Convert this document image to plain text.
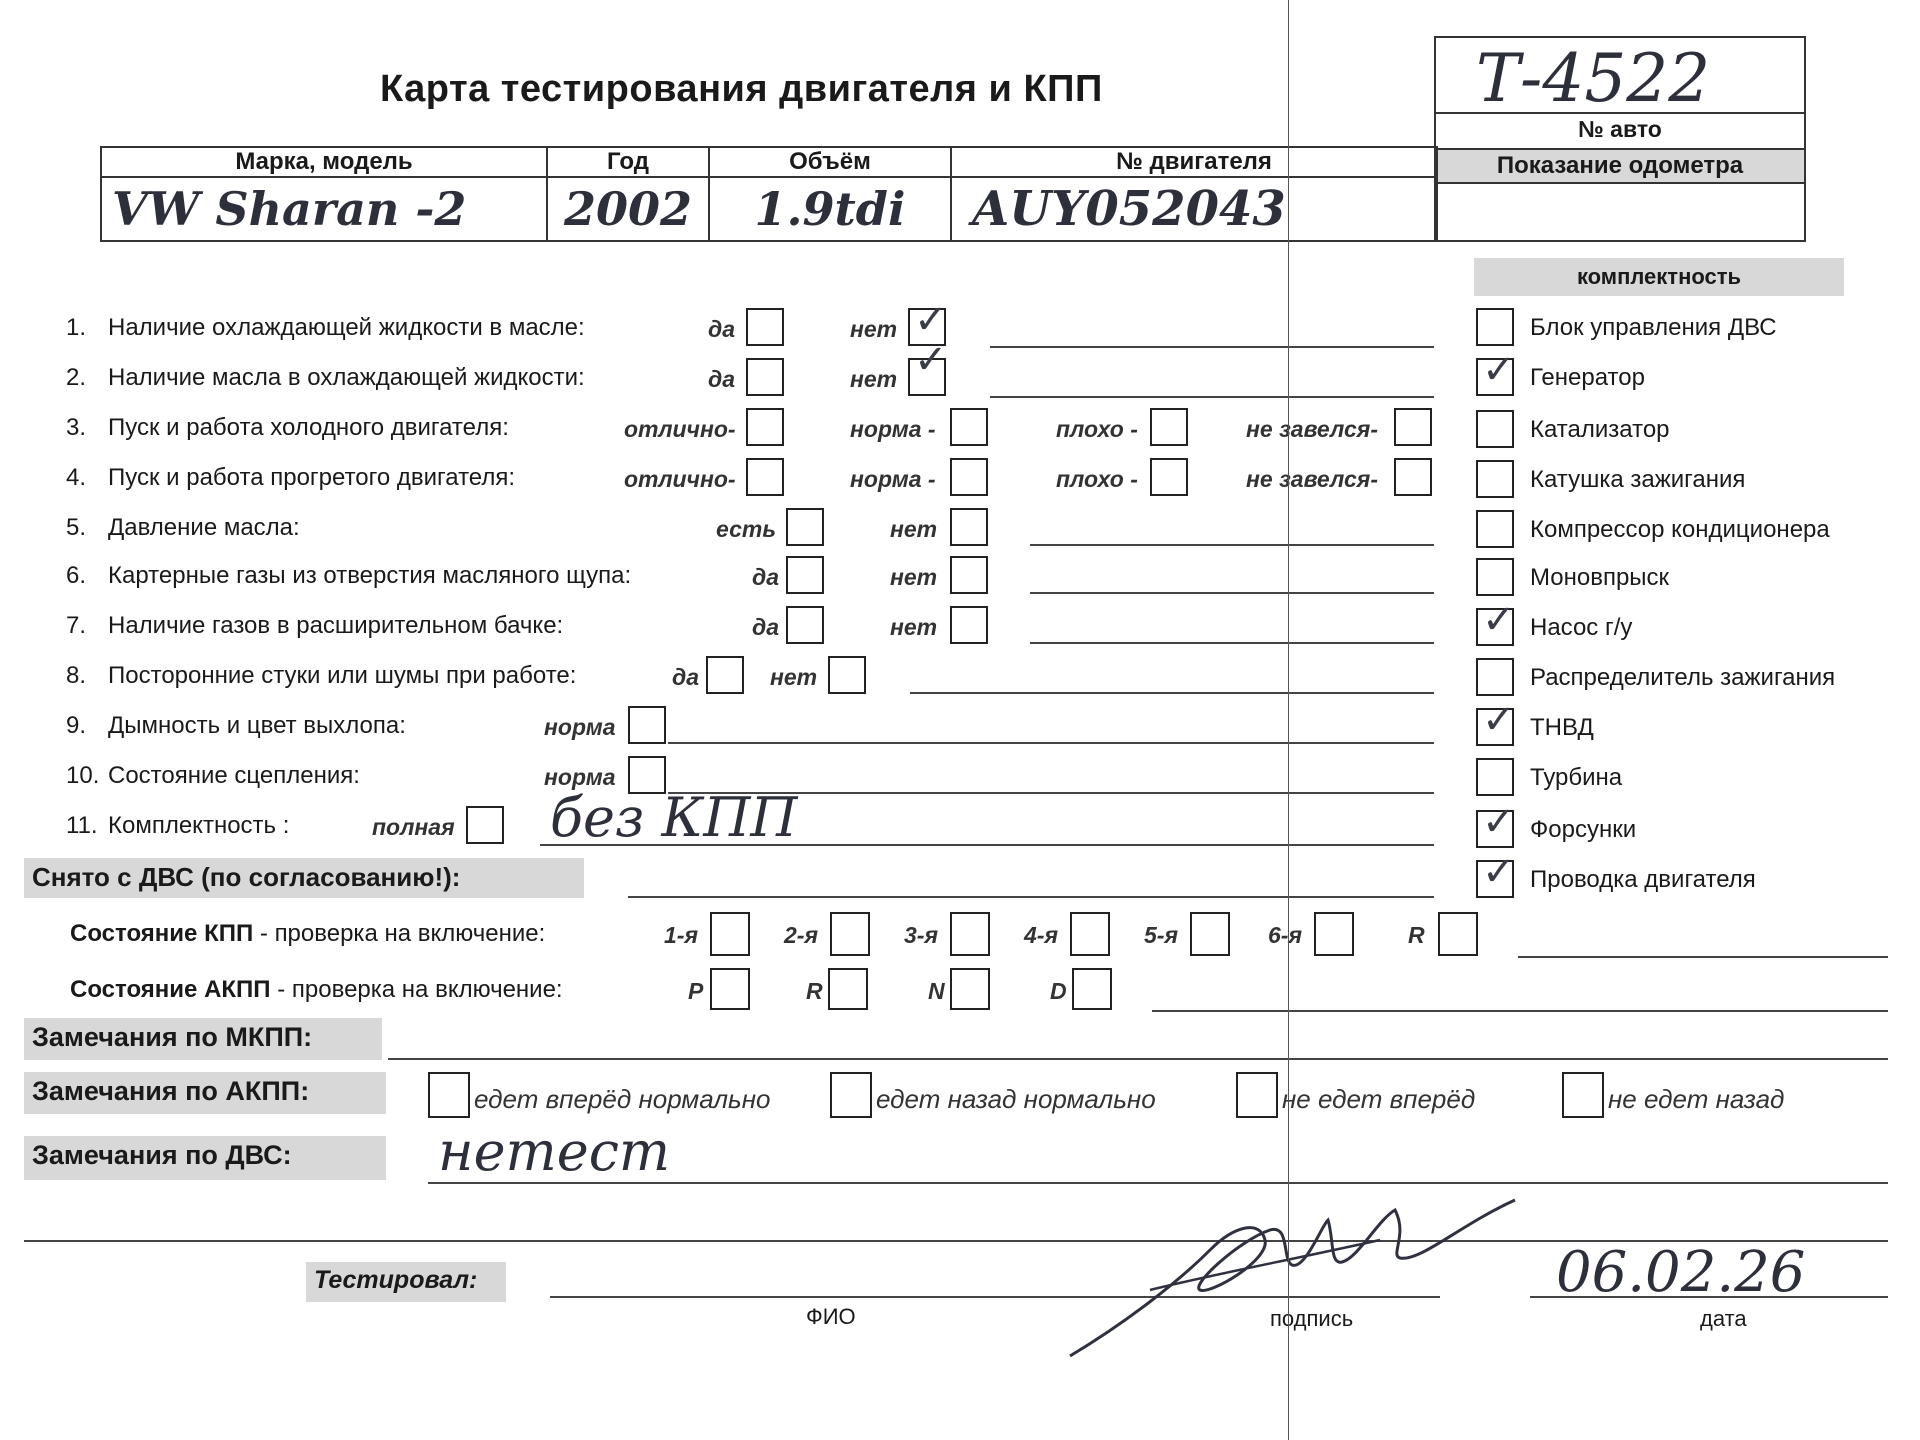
Карта тестирования двигателя и КПП	Т-4522
№ авто
Показание одометра
Марка, модель	Год	Объём	№ двигателя
VW Sharan -2	2002	1.9tdi	AUY052043
комплектность
Блок управления ДВС
✓ Генератор
Катализатор
Катушка зажигания
Компрессор кондиционера
Моновпрыск
✓ Насос г/у
Распределитель зажигания
✓ ТНВД
Турбина
✓ Форсунки
✓ Проводка двигателя
1. Наличие охлаждающей жидкости в масле:	да	нет ✓
2. Наличие масла в охлаждающей жидкости:	да	нет ✓
3. Пуск и работа холодного двигателя:	отлично-	норма -	плохо -	не завелся-
4. Пуск и работа прогретого двигателя:	отлично-	норма -	плохо -	не завелся-
5. Давление масла:	есть	нет
6. Картерные газы из отверстия масляного щупа:	да	нет
7. Наличие газов в расширительном бачке:	да	нет
8. Посторонние стуки или шумы при работе:	да	нет
9. Дымность и цвет выхлопа:	норма
10. Состояние сцепления:	норма
11. Комплектность :	полная без КПП
Снято с ДВС (по согласованию!):
Состояние КПП - проверка на включение:	1-я	2-я	3-я	4-я	5-я	6-я	R
Состояние АКПП - проверка на включение:	P	R	N	D
Замечания по МКПП:
Замечания по АКПП:	едет вперёд нормально	едет назад нормально	не едет вперёд	не едет назад
Замечания по ДВС:	нетест
Тестировал:
ФИО	подпись	дата
06.02.26
